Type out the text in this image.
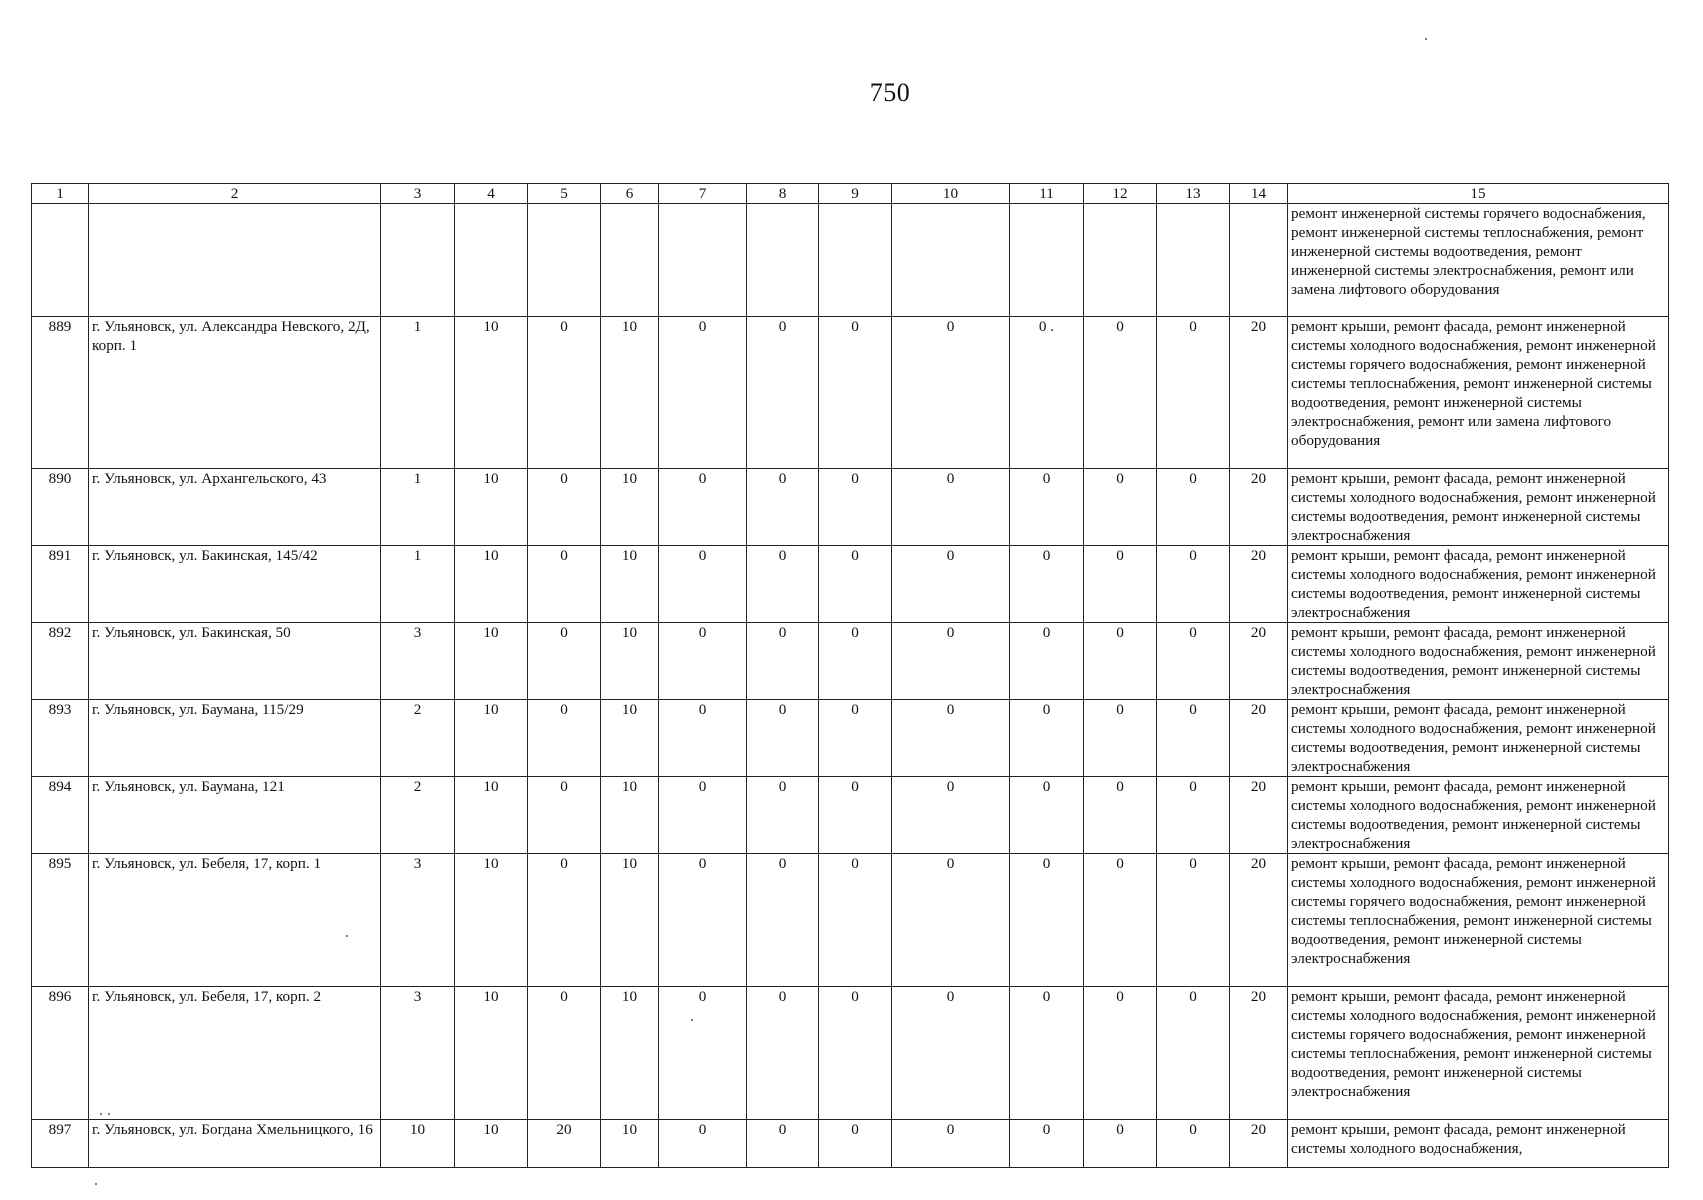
750
1	2	3	4	5	6	7	8	9	10	11	12	13	14	15
														ремонт инженерной системы горячего водоснабжения, ремонт инженерной системы теплоснабжения, ремонт инженерной системы водоотведения, ремонт инженерной системы электроснабжения, ремонт или замена лифтового оборудования
889	г. Ульяновск, ул. Александра Невского, 2Д, корп. 1	1	10	0	10	0	0	0	0	0 .	0	0	20	ремонт крыши, ремонт фасада, ремонт инженерной системы холодного водоснабжения, ремонт инженерной системы горячего водоснабжения, ремонт инженерной системы теплоснабжения, ремонт инженерной системы водоотведения, ремонт инженерной системы электроснабжения, ремонт или замена лифтового оборудования
890	г. Ульяновск, ул. Архангельского, 43	1	10	0	10	0	0	0	0	0	0	0	20	ремонт крыши, ремонт фасада, ремонт инженерной системы холодного водоснабжения, ремонт инженерной системы водоотведения, ремонт инженерной системы электроснабжения
891	г. Ульяновск, ул. Бакинская, 145/42	1	10	0	10	0	0	0	0	0	0	0	20	ремонт крыши, ремонт фасада, ремонт инженерной системы холодного водоснабжения, ремонт инженерной системы водоотведения, ремонт инженерной системы электроснабжения
892	г. Ульяновск, ул. Бакинская, 50	3	10	0	10	0	0	0	0	0	0	0	20	ремонт крыши, ремонт фасада, ремонт инженерной системы холодного водоснабжения, ремонт инженерной системы водоотведения, ремонт инженерной системы электроснабжения
893	г. Ульяновск, ул. Баумана, 115/29	2	10	0	10	0	0	0	0	0	0	0	20	ремонт крыши, ремонт фасада, ремонт инженерной системы холодного водоснабжения, ремонт инженерной системы водоотведения, ремонт инженерной системы электроснабжения
894	г. Ульяновск, ул. Баумана, 121	2	10	0	10	0	0	0	0	0	0	0	20	ремонт крыши, ремонт фасада, ремонт инженерной системы холодного водоснабжения, ремонт инженерной системы водоотведения, ремонт инженерной системы электроснабжения
895	г. Ульяновск, ул. Бебеля, 17, корп. 1	3	10	0	10	0	0	0	0	0	0	0	20	ремонт крыши, ремонт фасада, ремонт инженерной системы холодного водоснабжения, ремонт инженерной системы горячего водоснабжения, ремонт инженерной системы теплоснабжения, ремонт инженерной системы водоотведения, ремонт инженерной системы электроснабжения
896	г. Ульяновск, ул. Бебеля, 17, корп. 2	3	10	0	10	0	0	0	0	0	0	0	20	ремонт крыши, ремонт фасада, ремонт инженерной системы холодного водоснабжения, ремонт инженерной системы горячего водоснабжения, ремонт инженерной системы теплоснабжения, ремонт инженерной системы водоотведения, ремонт инженерной системы электроснабжения
897	г. Ульяновск, ул. Богдана Хмельницкого, 16	10	10	20	10	0	0	0	0	0	0	0	20	ремонт крыши, ремонт фасада, ремонт инженерной системы холодного водоснабжения,
